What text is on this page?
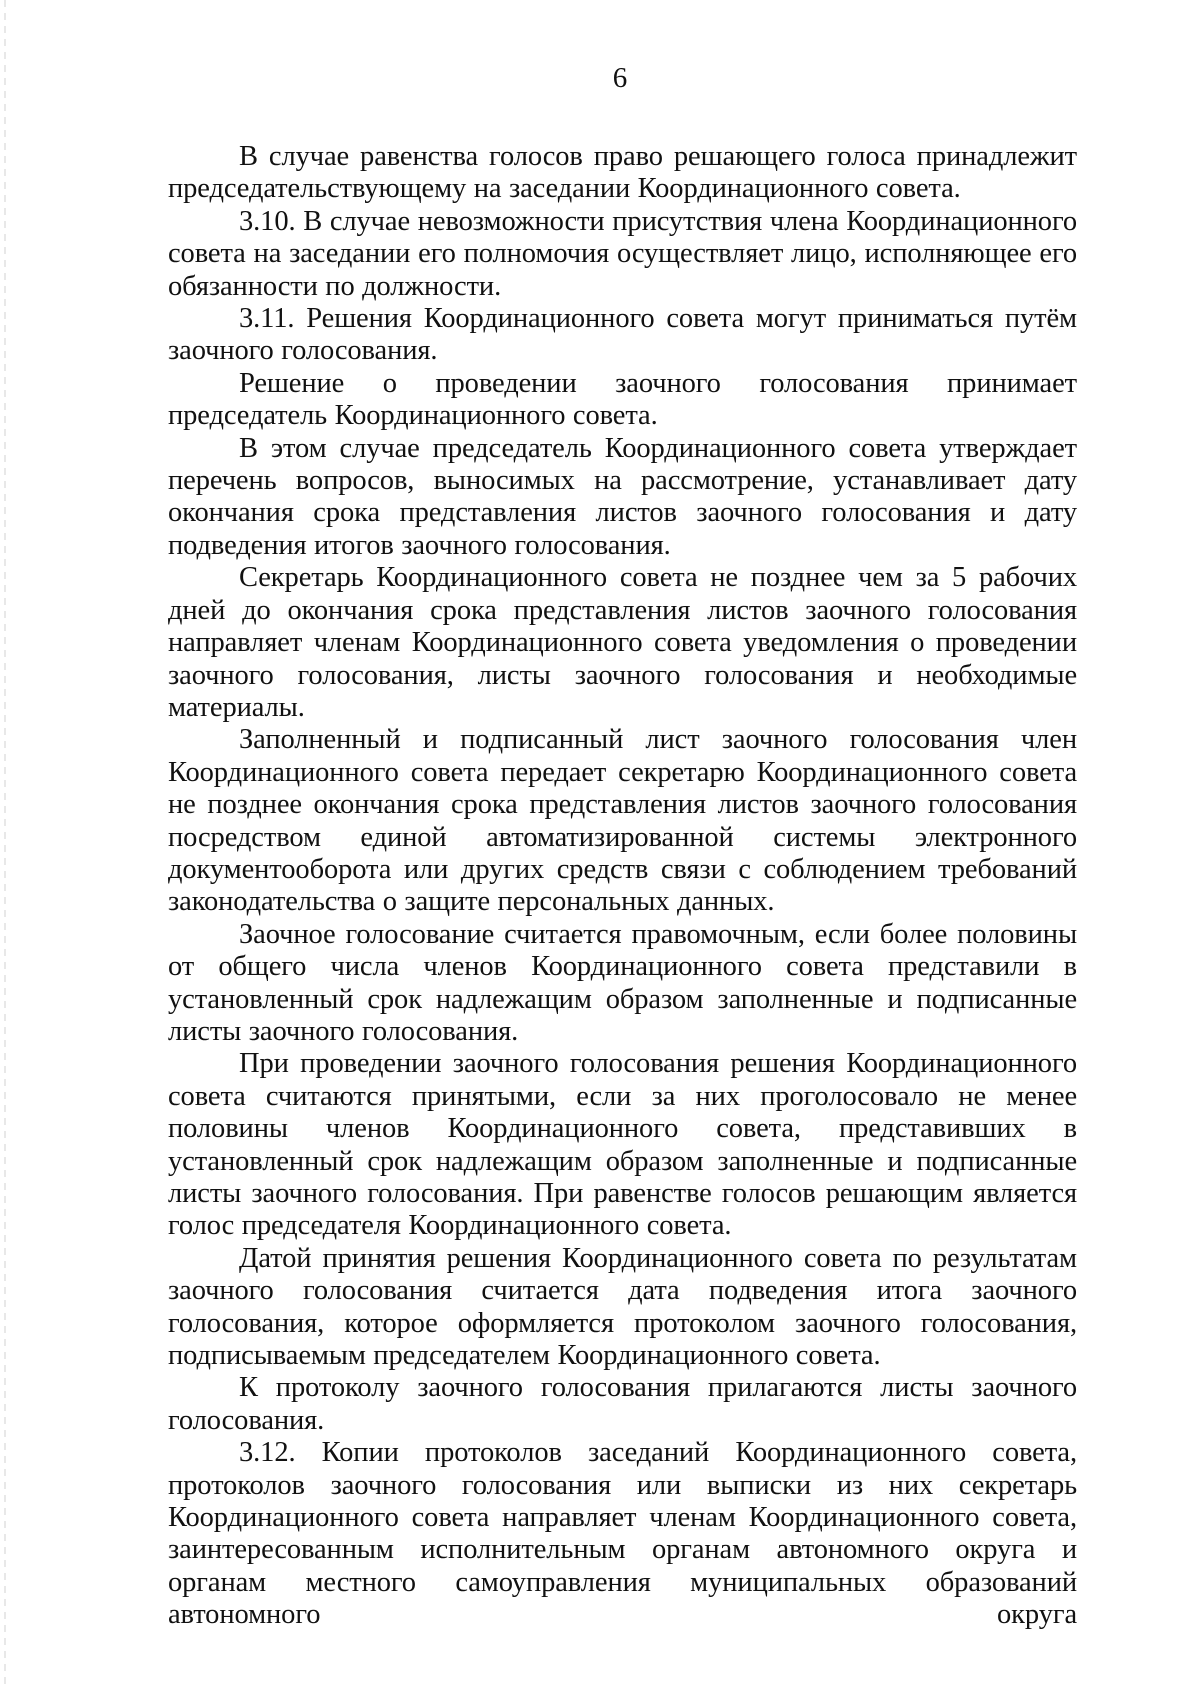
6

В случае равенства голосов право решающего голоса принадлежит председательствующему на заседании Координационного совета.

3.10. В случае невозможности присутствия члена Координационного совета на заседании его полномочия осуществляет лицо, исполняющее его обязанности по должности.

3.11. Решения Координационного совета могут приниматься путём заочного голосования.

Решение о проведении заочного голосования принимает председатель Координационного совета.

В этом случае председатель Координационного совета утверждает перечень вопросов, выносимых на рассмотрение, устанавливает дату окончания срока представления листов заочного голосования и дату подведения итогов заочного голосования.

Секретарь Координационного совета не позднее чем за 5 рабочих дней до окончания срока представления листов заочного голосования направляет членам Координационного совета уведомления о проведении заочного голосования, листы заочного голосования и необходимые материалы.

Заполненный и подписанный лист заочного голосования член Координационного совета передает секретарю Координационного совета не позднее окончания срока представления листов заочного голосования посредством единой автоматизированной системы электронного документооборота или других средств связи с соблюдением требований законодательства о защите персональных данных.

Заочное голосование считается правомочным, если более половины от общего числа членов Координационного совета представили в установленный срок надлежащим образом заполненные и подписанные листы заочного голосования.

При проведении заочного голосования решения Координационного совета считаются принятыми, если за них проголосовало не менее половины членов Координационного совета, представивших в установленный срок надлежащим образом заполненные и подписанные листы заочного голосования. При равенстве голосов решающим является голос председателя Координационного совета.

Датой принятия решения Координационного совета по результатам заочного голосования считается дата подведения итога заочного голосования, которое оформляется протоколом заочного голосования, подписываемым председателем Координационного совета.

К протоколу заочного голосования прилагаются листы заочного голосования.

3.12. Копии протоколов заседаний Координационного совета, протоколов заочного голосования или выписки из них секретарь Координационного совета направляет членам Координационного совета, заинтересованным исполнительным органам автономного округа и органам местного самоуправления муниципальных образований автономного округа
